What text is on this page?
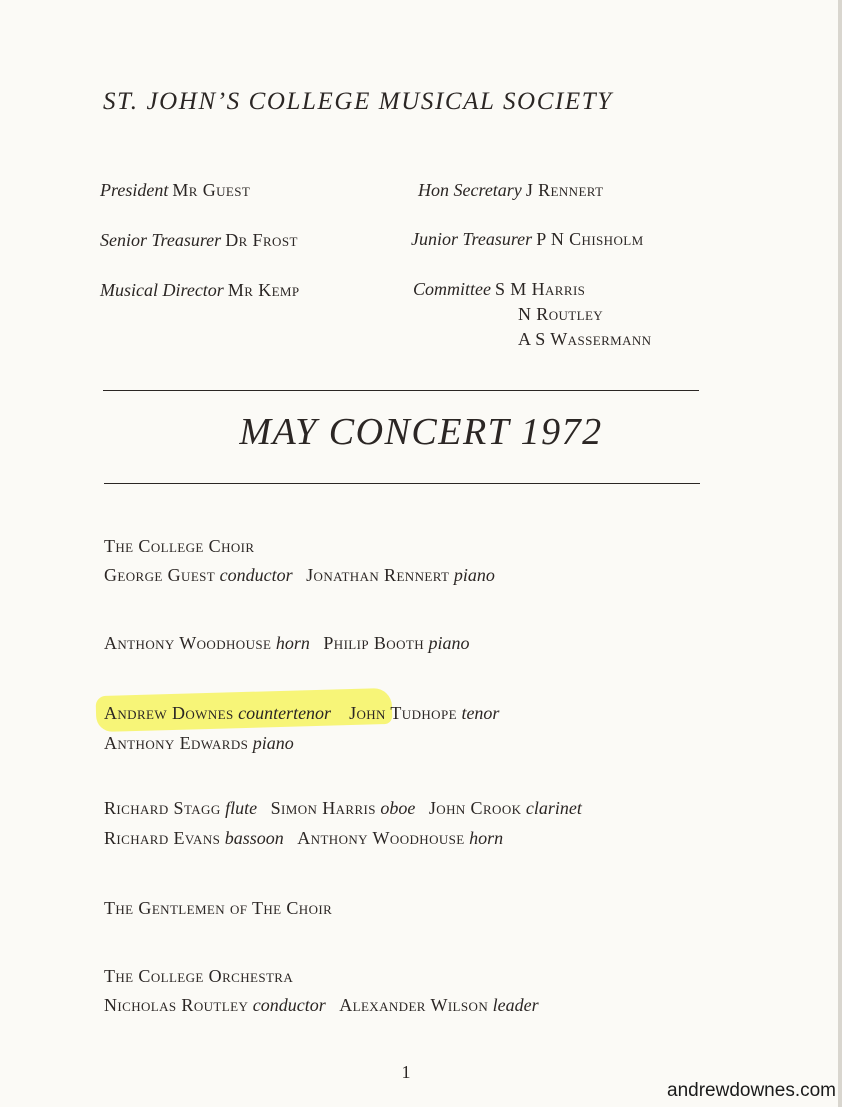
ST. JOHN’S COLLEGE MUSICAL SOCIETY
President Mr Guest	Hon Secretary J Rennert
Senior Treasurer Dr Frost	Junior Treasurer P N Chisholm
Musical Director Mr Kemp	Committee S M Harris
N Routley
A S Wassermann
MAY CONCERT 1972
The College Choir
George Guest conductor Jonathan Rennert piano
Anthony Woodhouse horn Philip Booth piano
Andrew Downes countertenor John Tudhope tenor
Anthony Edwards piano
Richard Stagg flute Simon Harris oboe John Crook clarinet
Richard Evans bassoon Anthony Woodhouse horn
The Gentlemen of The Choir
The College Orchestra
Nicholas Routley conductor Alexander Wilson leader
1
andrewdownes.com
